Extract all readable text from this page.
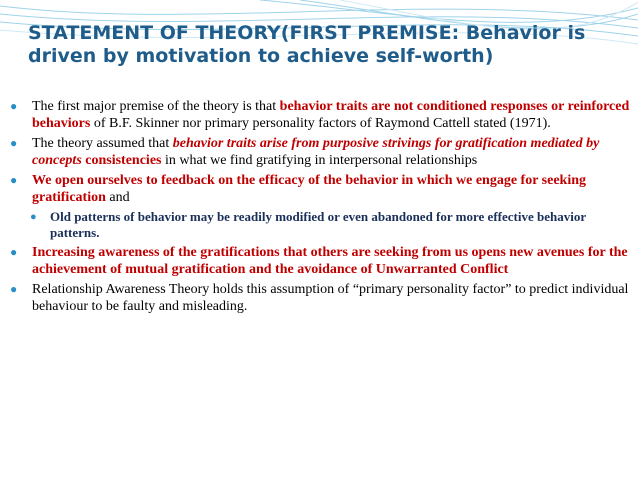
STATEMENT OF THEORY(FIRST PREMISE: Behavior is driven by motivation to achieve self-worth)
● The first major premise of the theory is that behavior traits are not conditioned responses or reinforced behaviors of B.F. Skinner nor primary personality factors of Raymond Cattell stated (1971).
● The theory assumed that behavior traits arise from purposive strivings for gratification mediated by concepts consistencies in what we find gratifying in interpersonal relationships
● We open ourselves to feedback on the efficacy of the behavior in which we engage for seeking gratification and
● Old patterns of behavior may be readily modified or even abandoned for more effective behavior patterns.
● Increasing awareness of the gratifications that others are seeking from us opens new avenues for the achievement of mutual gratification and the avoidance of Unwarranted Conflict
● Relationship Awareness Theory holds this assumption of “primary personality factor” to predict individual behaviour to be faulty and misleading.
